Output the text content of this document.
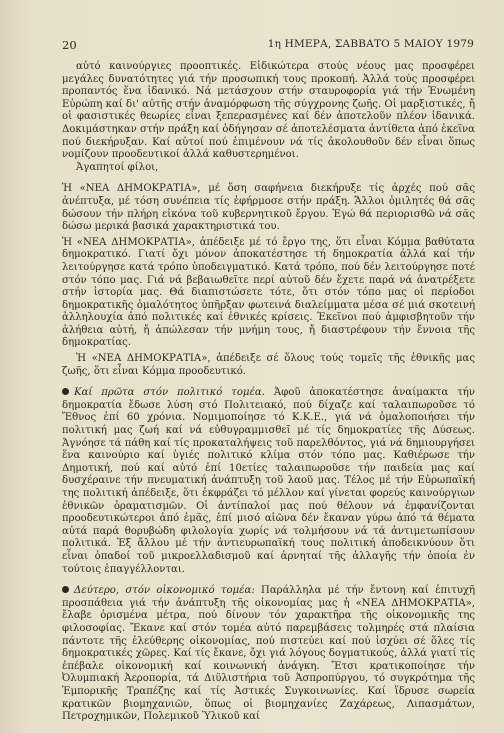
20	1η ΗΜΕΡΑ, ΣΑΒΒΑΤΟ 5 ΜΑΙΟΥ 1979

αὐτό καινούργιες προοπτικές. Εἰδικώτερα στούς νέους μας προσφέρει μεγάλες δυνατότητες γιά τήν προσωπική τους προκοπή. Ἀλλά τούς προσφέρει προπαντός ἕνα ἰδανικό. Νά μετάσχουν στήν σταυροφορία γιά τήν Ἑνωμένη Εὐρώπη καί δι' αὐτῆς στήν ἀναμόρφωση τῆς σύγχρονης ζωῆς. Οἱ μαρξιστικές, ἤ οἱ φασιστικές θεωρίες εἶναι ξεπερασμένες καί δέν ἀποτελοῦν πλέον ἰδανικά. Δοκιμάστηκαν στήν πράξη καί ὁδήγησαν σέ ἀποτελέσματα ἀντίθετα ἀπό ἐκεῖνα πού διεκήρυξαν. Καί αὐτοί πού ἐπιμένουν νά τίς ἀκολουθοῦν δέν εἶναι ὅπως νομίζουν προοδευτικοί ἀλλά καθυστερημένοι.

Ἀγαπητοί φίλοι,

Ἡ «ΝΕΑ ΔΗΜΟΚΡΑΤΙΑ», μέ ὅση σαφήνεια διεκήρυξε τίς ἀρχές πού σᾶς ἀνέπτυξα, μέ τόση συνέπεια τίς ἐφήρμοσε στήν πράξη. Ἄλλοι ὁμιλητές θά σᾶς δώσουν τήν πλήρη εἰκόνα τοῦ κυβερνητικοῦ ἔργου. Ἐγώ θά περιορισθῶ νά σᾶς δώσω μερικά βασικά χαρακτηριστικά του.

Ἡ «ΝΕΑ ΔΗΜΟΚΡΑΤΙΑ», ἀπέδειξε μέ τό ἔργο της, ὅτι εἶναι Κόμμα βαθύτατα δημοκρατικό. Γιατί ὄχι μόνον ἀποκατέστησε τή δημοκρατία ἀλλά καί τήν λειτούργησε κατά τρόπο ὑποδειγματικό. Κατά τρόπο, πού δέν λειτούργησε ποτέ στόν τόπο μας. Γιά νά βεβαιωθεῖτε περί αὐτοῦ δέν ἔχετε παρά νά ἀνατρέξετε στήν ἱστορία μας. Θά διαπιστώσετε τότε, ὅτι στόν τόπο μας οἱ περίοδοι δημοκρατικῆς ὁμαλότητος ὑπῆρξαν φωτεινά διαλείμματα μέσα σέ μιά σκοτεινή ἀλληλουχία ἀπό πολιτικές καί ἐθνικές κρίσεις. Ἐκεῖνοι πού ἀμφισβητοῦν τήν ἀλήθεια αὐτή, ἤ ἀπώλεσαν τήν μνήμη τους, ἤ διαστρέφουν τήν ἔννοια τῆς δημοκρατίας.

Ἡ «ΝΕΑ ΔΗΜΟΚΡΑΤΙΑ», ἀπέδειξε σέ ὅλους τούς τομεῖς τῆς ἐθνικῆς μας ζωῆς, ὅτι εἶναι Κόμμα προοδευτικό.

Καί πρῶτα στόν πολιτικό τομέα. Ἀφοῦ ἀποκατέστησε ἀναίμακτα τήν δημοκρατία ἔδωσε λύση στό Πολιτειακό, πού δίχαζε καί ταλαιπωροῦσε τό Ἔθνος ἐπί 60 χρόνια. Νομιμοποίησε τό Κ.Κ.Ε., γιά νά ὁμαλοποιήσει τήν πολιτική μας ζωή καί νά εὐθυγραμμισθεῖ μέ τίς δημοκρατίες τῆς Δύσεως. Ἀγνόησε τά πάθη καί τίς προκαταλήψεις τοῦ παρελθόντος, γιά νά δημιουργήσει ἕνα καινούριο καί ὑγιές πολιτικό κλίμα στόν τόπο μας. Καθιέρωσε τήν Δημοτική, πού καί αὐτό ἐπί 10ετίες ταλαιπωροῦσε τήν παιδεία μας καί δυσχέραινε τήν πνευματική ἀνάπτυξη τοῦ λαοῦ μας. Τέλος μέ τήν Εὐρωπαϊκή της πολιτική ἀπέδειξε, ὅτι ἐκφράζει τό μέλλον καί γίνεται φορεύς καινούργιων ἐθνικῶν ὁραματισμῶν. Οἱ ἀντίπαλοί μας πού θέλουν νά ἐμφανίζονται προοδευτικώτεροι ἀπό ἐμᾶς, ἐπί μισό αἰῶνα δέν ἔκαναν γύρω ἀπό τά θέματα αὐτά παρά θορυβώδη φιλολογία χωρίς νά τολμήσουν νά τά ἀντιμετωπίσουν πολιτικά. Ἐξ ἄλλου μέ τήν ἀντιευρωπαϊκή τους πολιτική ἀποδεικνύουν ὅτι εἶναι ὀπαδοί τοῦ μικροελλαδισμοῦ καί ἀρνηταί τῆς ἀλλαγῆς τήν ὁποία ἐν τούτοις ἐπαγγέλλονται.

Δεύτερο, στόν οἰκονομικό τομέα: Παράλληλα μέ τήν ἔντονη καί ἐπιτυχῆ προσπάθεια γιά τήν ἀνάπτυξη τῆς οἰκονομίας μας ἡ «ΝΕΑ ΔΗΜΟΚΡΑΤΙΑ», ἔλαβε ὁρισμένα μέτρα, πού δίνουν τόν χαρακτῆρα τῆς οἰκονομικῆς της φιλοσοφίας. Ἔκανε καί στόν τομέα αὐτό παρεμβάσεις τολμηρές στά πλαίσια πάντοτε τῆς ἐλεύθερης οἰκονομίας, πού πιστεύει καί πού ἰσχύει σέ ὅλες τίς δημοκρατικές χῶρες. Καί τίς ἔκανε, ὄχι γιά λόγους δογματικούς, ἀλλά γιατί τίς ἐπέβαλε οἰκονομική καί κοινωνική ἀνάγκη. Ἔτσι κρατικοποίησε τήν Ὀλυμπιακή Ἀεροπορία, τά Διϋλιστήρια τοῦ Ἀσπροπύργου, τό συγκρότημα τῆς Ἐμπορικῆς Τραπέζης καί τίς Ἀστικές Συγκοινωνίες. Καί ἵδρυσε σωρεία κρατικῶν βιομηχανιῶν, ὅπως οἱ βιομηχανίες Ζαχάρεως, Λιπασμάτων, Πετροχημικῶν, Πολεμικοῦ Ὑλικοῦ καί
